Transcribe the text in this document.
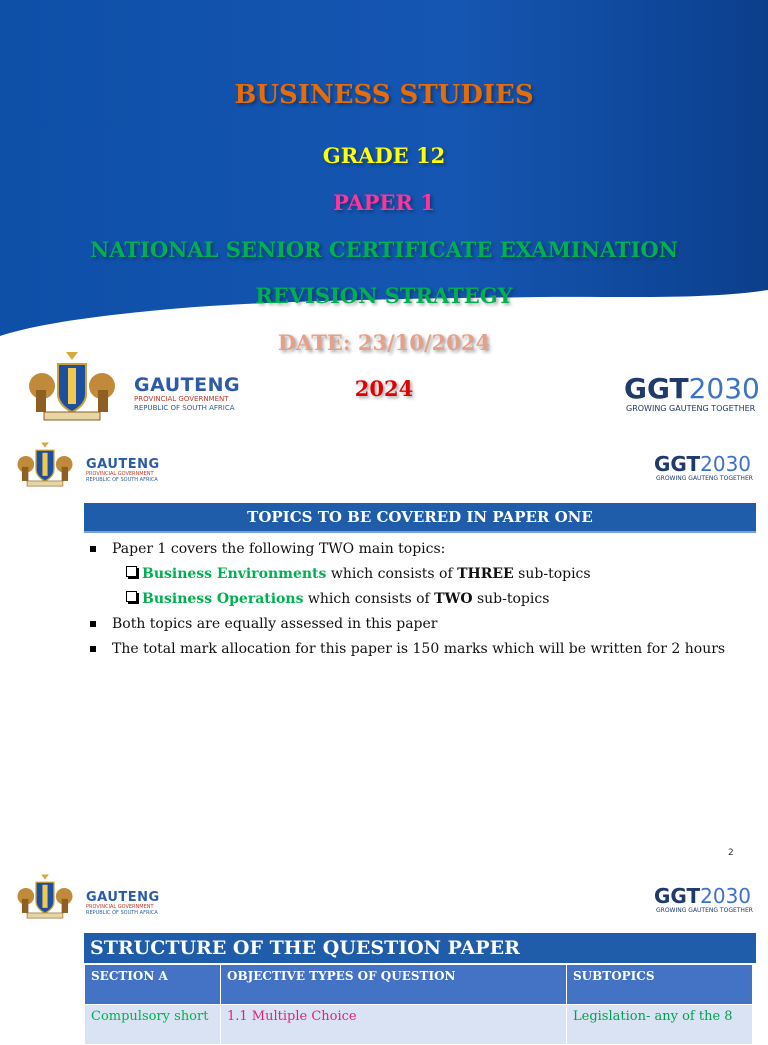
BUSINESS STUDIES
GRADE 12
PAPER 1
NATIONAL SENIOR CERTIFICATE EXAMINATION
REVISION STRATEGY
DATE: 23/10/2024
2024
GAUTENG
PROVINCIAL GOVERNMENT
REPUBLIC OF SOUTH AFRICA
GGT2030
GROWING GAUTENG TOGETHER
GAUTENG
PROVINCIAL GOVERNMENT
REPUBLIC OF SOUTH AFRICA
GGT2030
GROWING GAUTENG TOGETHER
TOPICS TO BE COVERED IN PAPER ONE
Paper 1 covers the following TWO main topics:
Business Environments which consists of THREE sub-topics
Business Operations which consists of TWO sub-topics
Both topics are equally assessed in this paper
The total mark allocation for this paper is 150 marks which will be written for 2 hours
2
GAUTENG
PROVINCIAL GOVERNMENT
REPUBLIC OF SOUTH AFRICA
GGT2030
GROWING GAUTENG TOGETHER
STRUCTURE OF THE QUESTION PAPER
SECTION A	OBJECTIVE TYPES OF QUESTION	SUBTOPICS
Compulsory short	1.1 Multiple Choice	Legislation- any of the 8
